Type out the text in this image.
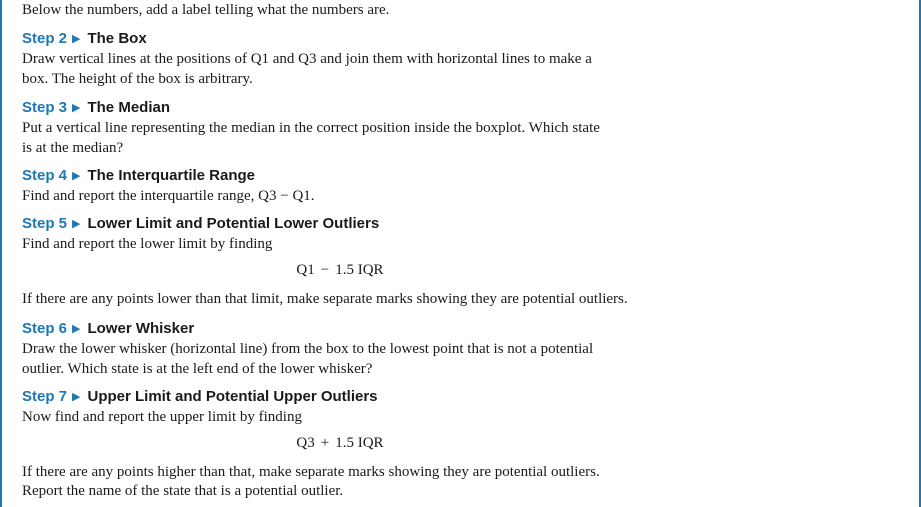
Below the numbers, add a label telling what the numbers are.

Step 2 ▶ The Box

Draw vertical lines at the positions of Q1 and Q3 and join them with horizontal lines to make a

box. The height of the box is arbitrary.

Step 3 ▶ The Median

Put a vertical line representing the median in the correct position inside the boxplot. Which state

is at the median?

Step 4 ▶ The Interquartile Range

Find and report the interquartile range, Q3 − Q1.

Step 5 ▶ Lower Limit and Potential Lower Outliers

Find and report the lower limit by finding

Q1 − 1.5 IQR

If there are any points lower than that limit, make separate marks showing they are potential outliers.

Step 6 ▶ Lower Whisker

Draw the lower whisker (horizontal line) from the box to the lowest point that is not a potential

outlier. Which state is at the left end of the lower whisker?

Step 7 ▶ Upper Limit and Potential Upper Outliers

Now find and report the upper limit by finding

Q3 + 1.5 IQR

If there are any points higher than that, make separate marks showing they are potential outliers.

Report the name of the state that is a potential outlier.
